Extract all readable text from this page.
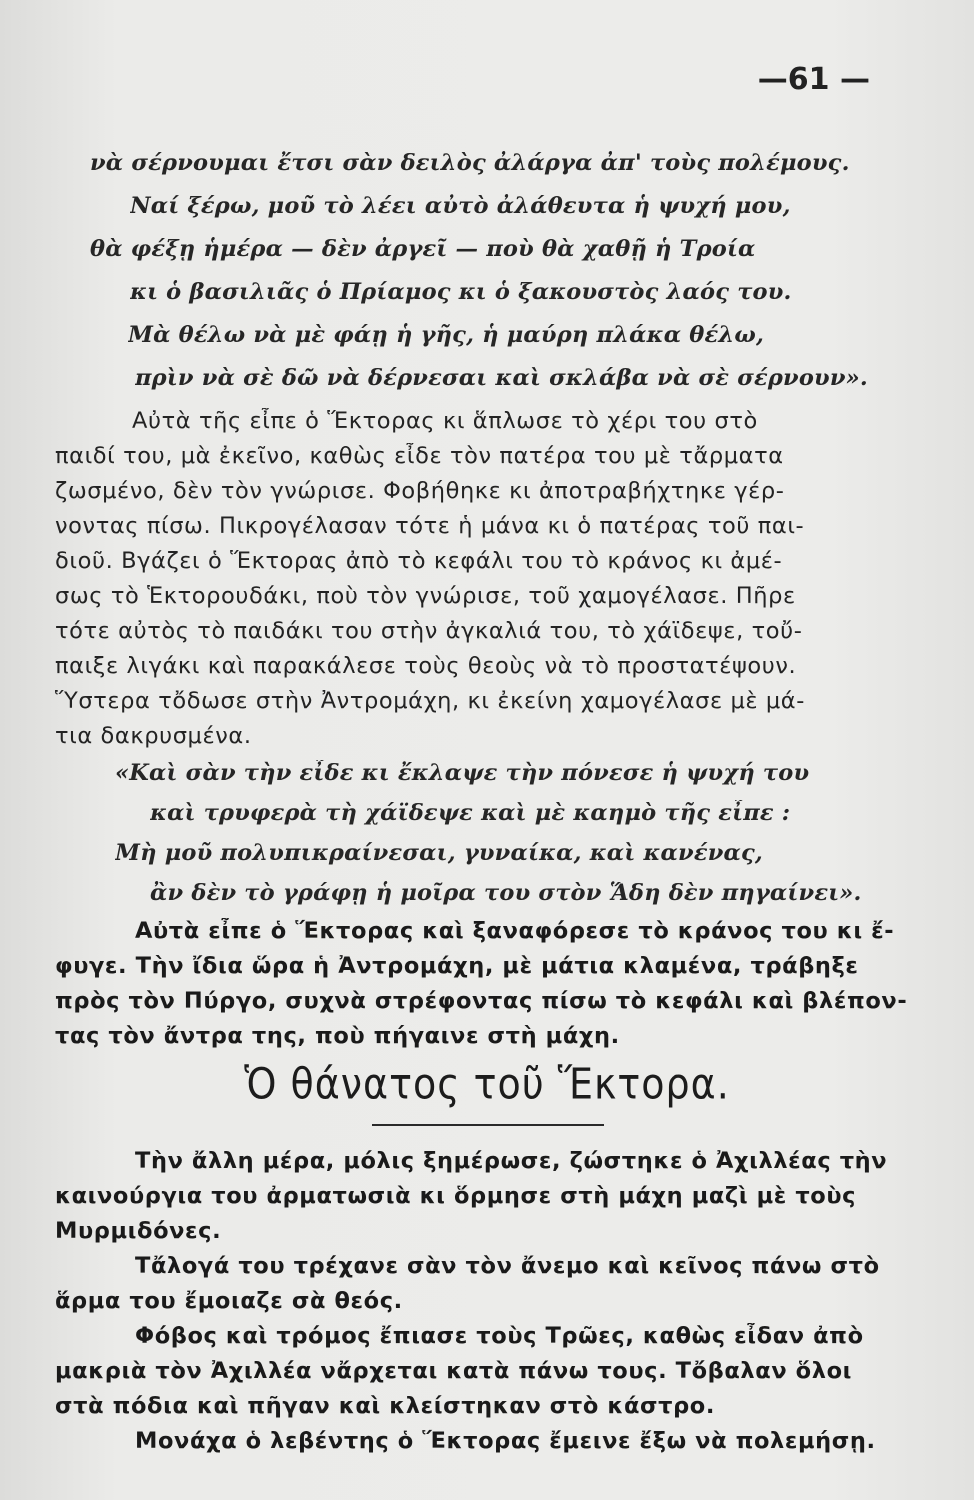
—61 —
νὰ σέρνουμαι ἔτσι σὰν δειλὸς ἀλάργα ἀπ' τοὺς πολέμους.
Ναί ξέρω, μοῦ τὸ λέει αὐτὸ ἀλάθευτα ἡ ψυχή μου,
θὰ φέξῃ ἡμέρα — δὲν ἀργεῖ — ποὺ θὰ χαθῇ ἡ Τροία
κι ὁ βασιλιᾶς ὁ Πρίαμος κι ὁ ξακουστὸς λαός του.
Μὰ θέλω νὰ μὲ φάῃ ἡ γῆς, ἡ μαύρη πλάκα θέλω,
πρὶν νὰ σὲ δῶ νὰ δέρνεσαι καὶ σκλάβα νὰ σὲ σέρνουν».
Αὐτὰ τῆς εἶπε ὁ Ἕκτορας κι ἅπλωσε τὸ χέρι του στὸ
παιδί του, μὰ ἐκεῖνο, καθὼς εἶδε τὸν πατέρα του μὲ τἄρματα
ζωσμένο, δὲν τὸν γνώρισε. Φοβήθηκε κι ἀποτραβήχτηκε γέρ-
νοντας πίσω. Πικρογέλασαν τότε ἡ μάνα κι ὁ πατέρας τοῦ παι-
διοῦ. Βγάζει ὁ Ἕκτορας ἀπὸ τὸ κεφάλι του τὸ κράνος κι ἀμέ-
σως τὸ Ἑκτορουδάκι, ποὺ τὸν γνώρισε, τοῦ χαμογέλασε. Πῆρε
τότε αὐτὸς τὸ παιδάκι του στὴν ἀγκαλιά του, τὸ χάϊδεψε, τοὔ-
παιξε λιγάκι καὶ παρακάλεσε τοὺς θεοὺς νὰ τὸ προστατέψουν.
Ὕστερα τὄδωσε στὴν Ἀντρομάχη, κι ἐκείνη χαμογέλασε μὲ μά-
τια δακρυσμένα.
«Καὶ σὰν τὴν εἶδε κι ἔκλαψε τὴν πόνεσε ἡ ψυχή του
καὶ τρυφερὰ τὴ χάϊδεψε καὶ μὲ καημὸ τῆς εἶπε :
Μὴ μοῦ πολυπικραίνεσαι, γυναίκα, καὶ κανένας,
ἂν δὲν τὸ γράφῃ ἡ μοῖρα του στὸν Ἅδη δὲν πηγαίνει».
Αὐτὰ εἶπε ὁ Ἕκτορας καὶ ξαναφόρεσε τὸ κράνος του κι ἔ-
φυγε. Τὴν ἴδια ὥρα ἡ Ἀντρομάχη, μὲ μάτια κλαμένα, τράβηξε
πρὸς τὸν Πύργο, συχνὰ στρέφοντας πίσω τὸ κεφάλι καὶ βλέπον-
τας τὸν ἄντρα της, ποὺ πήγαινε στὴ μάχη.
Ὁ θάνατος τοῦ Ἕκτορα.
Τὴν ἄλλη μέρα, μόλις ξημέρωσε, ζώστηκε ὁ Ἀχιλλέας τὴν
καινούργια του ἀρματωσιὰ κι ὅρμησε στὴ μάχη μαζὶ μὲ τοὺς
Μυρμιδόνες.
Τἄλογά του τρέχανε σὰν τὸν ἄνεμο καὶ κεῖνος πάνω στὸ
ἅρμα του ἔμοιαζε σὰ θεός.
Φόβος καὶ τρόμος ἔπιασε τοὺς Τρῶες, καθὼς εἶδαν ἀπὸ
μακριὰ τὸν Ἀχιλλέα νἄρχεται κατὰ πάνω τους. Τὄβαλαν ὅλοι
στὰ πόδια καὶ πῆγαν καὶ κλείστηκαν στὸ κάστρο.
Μονάχα ὁ λεβέντης ὁ Ἕκτορας ἔμεινε ἔξω νὰ πολεμήσῃ.
